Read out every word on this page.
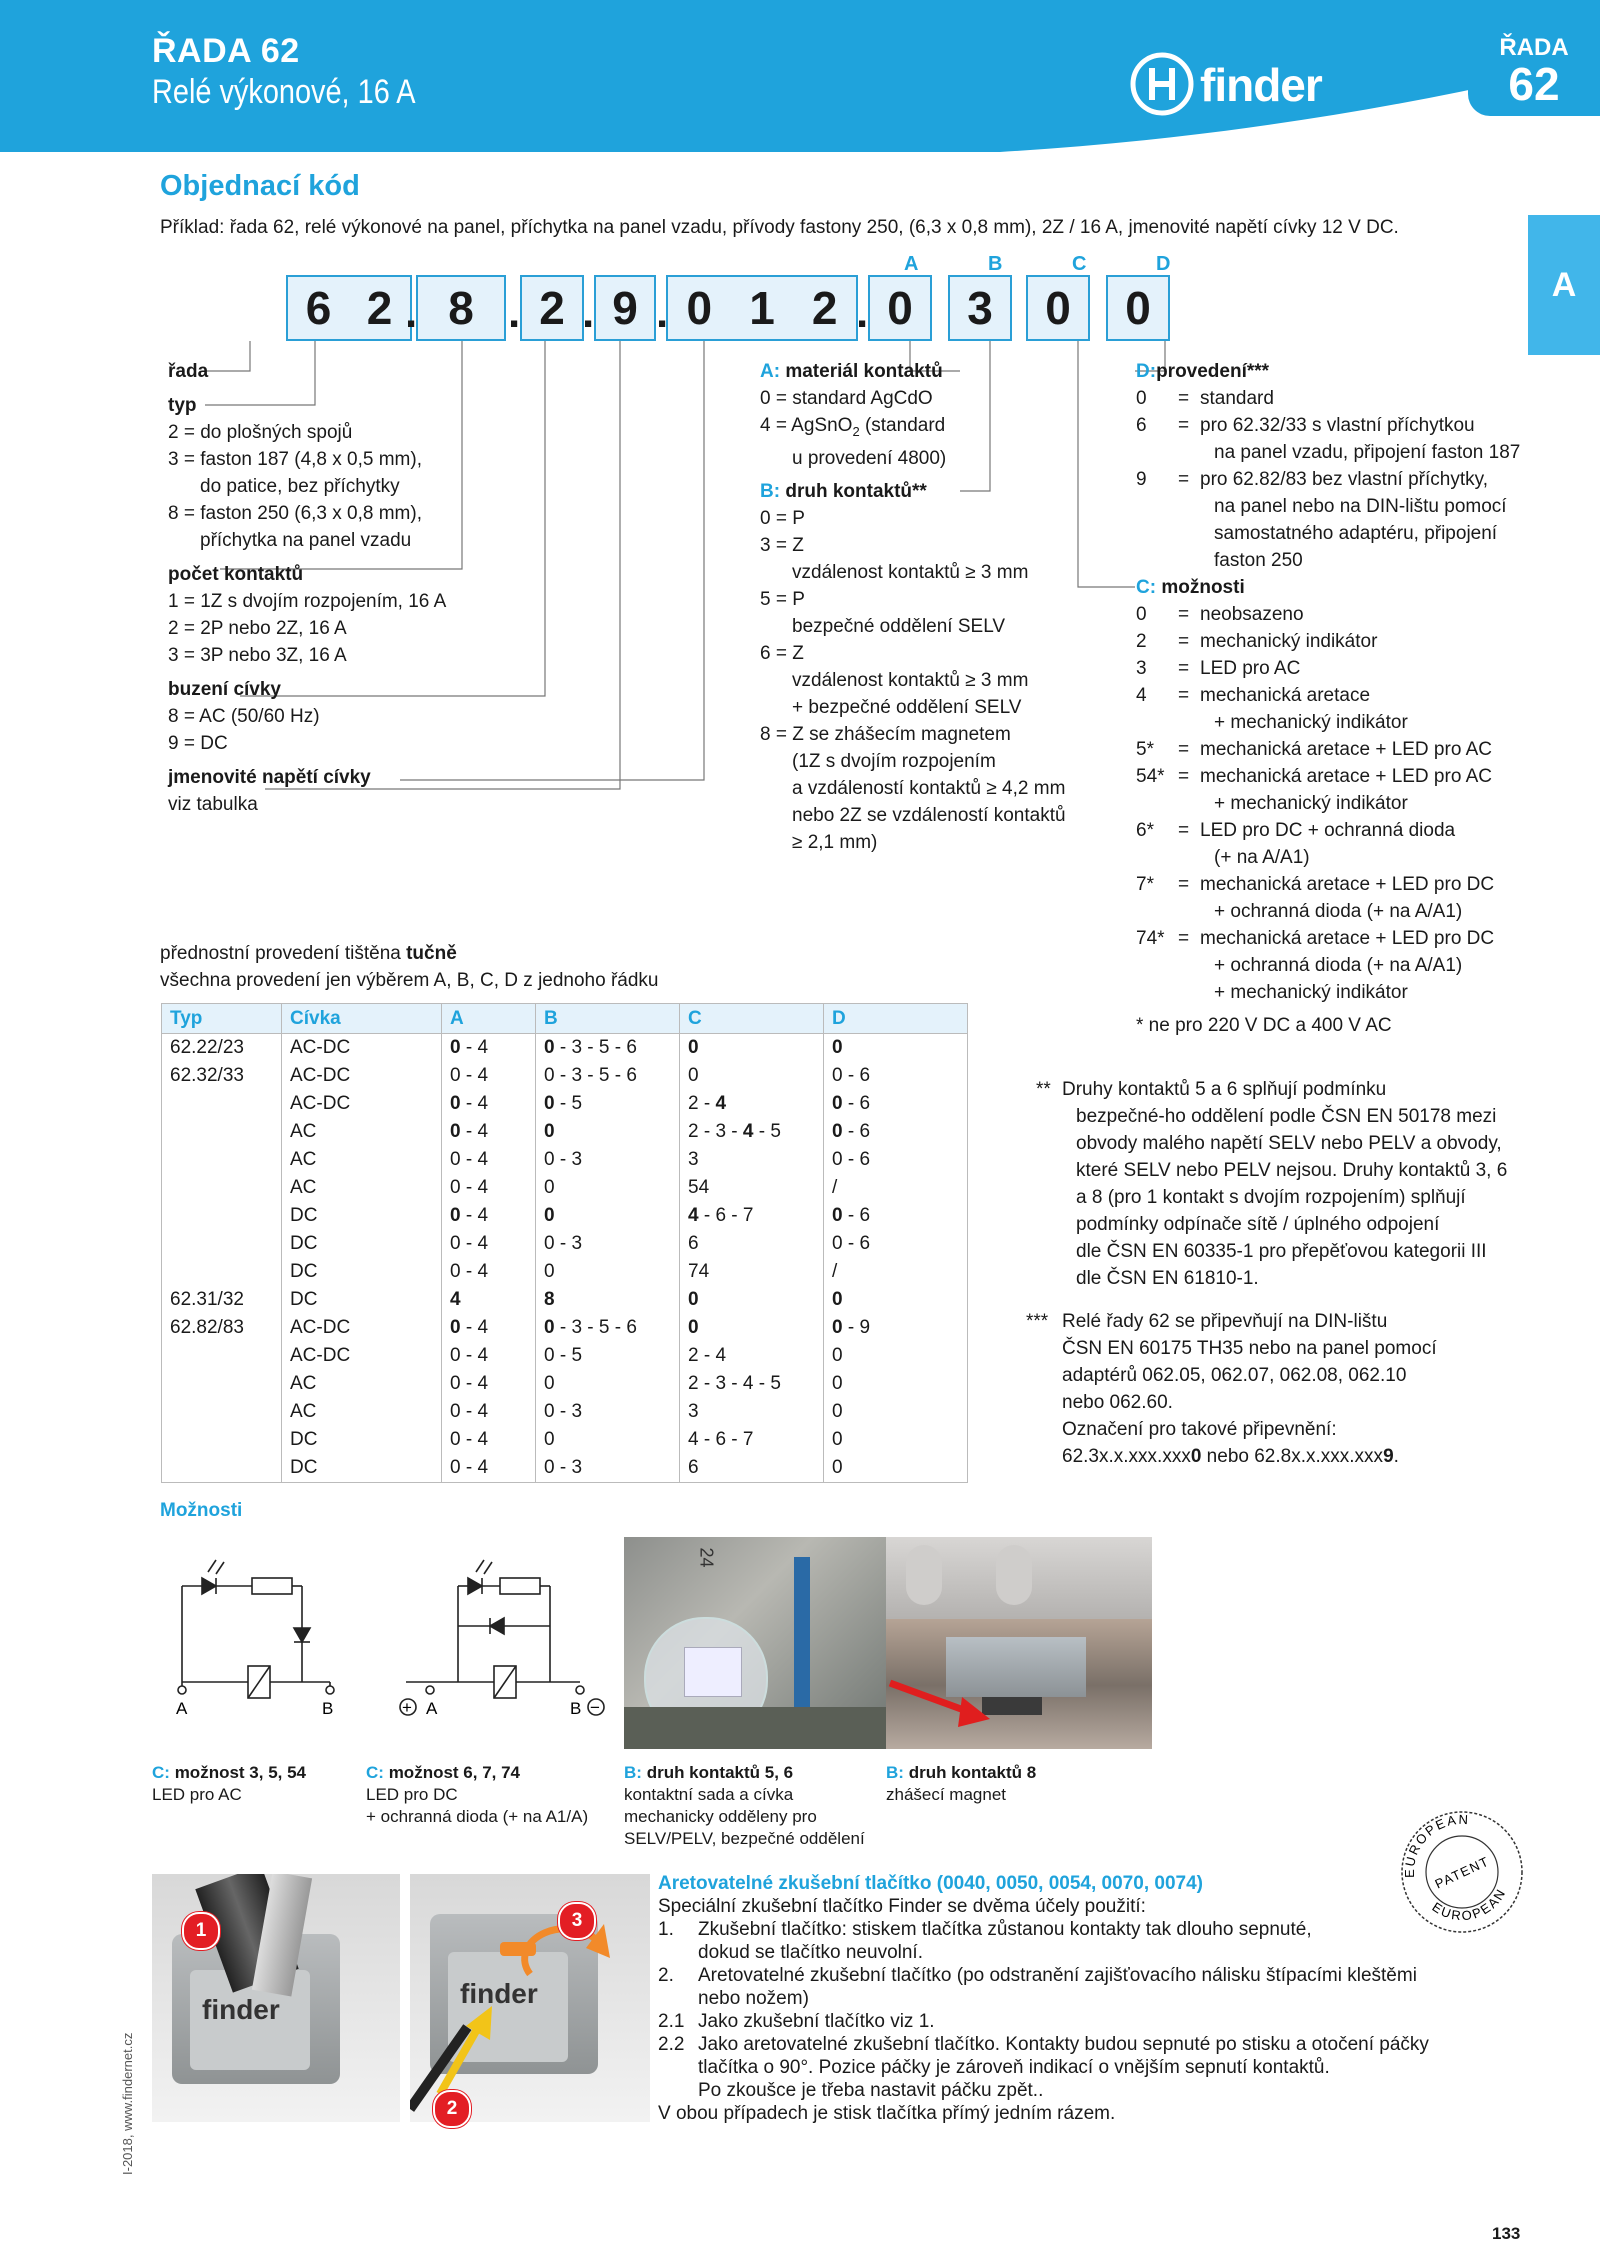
ŘADA 62
Relé výkonové, 16 A	finder
ŘADA
62
A
Objednací kód
Příklad: řada 62, relé výkonové na panel, příchytka na panel vzadu, přívody fastony 250, (6,3 x 0,8 mm), 2Z / 16 A, jmenovité napětí cívky 12 V DC.
6 2 8 2 9 0 1 2 0 3 0 0
. . . .	.
A	B	C	D
řada
typ
2 = do plošných spojů
3 = faston 187 (4,8 x 0,5 mm),
do patice, bez příchytky
8 = faston 250 (6,3 x 0,8 mm),
příchytka na panel vzadu
počet kontaktů
1 = 1Z s dvojím rozpojením, 16 A
2 = 2P nebo 2Z, 16 A
3 = 3P nebo 3Z, 16 A
buzení cívky
8 = AC (50/60 Hz)
9 = DC
jmenovité napětí cívky
viz tabulka
A: materiál kontaktů
0 = standard AgCdO
4 = AgSnO$_2$ (standard
u provedení 4800)
B: druh kontaktů**
0 = P
3 = Z
vzdálenost kontaktů ≥ 3 mm
5 = P
bezpečné oddělení SELV
6 = Z
vzdálenost kontaktů ≥ 3 mm
+ bezpečné oddělení SELV
8 = Z se zhášecím magnetem
(1Z s dvojím rozpojením
a vzdáleností kontaktů ≥ 4,2 mm
nebo 2Z se vzdáleností kontaktů
≥ 2,1 mm)
D:provedení***
0	= standard
6	= pro 62.32/33 s vlastní příchytkou
na panel vzadu, připojení faston 187
9	= pro 62.82/83 bez vlastní příchytky,
na panel nebo na DIN-lištu pomocí
samostatného adaptéru, připojení
faston 250
C: možnosti
0	= neobsazeno
2	= mechanický indikátor
3	= LED pro AC
4	= mechanická aretace
+ mechanický indikátor
5*	= mechanická aretace + LED pro AC
54* = mechanická aretace + LED pro AC
+ mechanický indikátor
6*	= LED pro DC + ochranná dioda
(+ na A/A1)
7*	= mechanická aretace + LED pro DC
+ ochranná dioda (+ na A/A1)
74* = mechanická aretace + LED pro DC
+ ochranná dioda (+ na A/A1)
+ mechanický indikátor
* ne pro 220 V DC a 400 V AC
přednostní provedení tištěna tučně
všechna provedení jen výběrem A, B, C, D z jednoho řádku
Typ	Cívka	A	B	C	D
62.22/23	AC-DC	0 - 4	0 - 3 - 5 - 6	0	0
62.32/33	AC-DC	0 - 4	0 - 3 - 5 - 6	0	0 - 6
	AC-DC	0 - 4	0 - 5	2 - 4	0 - 6
	AC	0 - 4	0	2 - 3 - 4 - 5	0 - 6
	AC	0 - 4	0 - 3	3	0 - 6
	AC	0 - 4	0	54	/
	DC	0 - 4	0	4 - 6 - 7	0 - 6
	DC	0 - 4	0 - 3	6	0 - 6
	DC	0 - 4	0	74	/
62.31/32	DC	4	8	0	0
62.82/83	AC-DC	0 - 4	0 - 3 - 5 - 6	0	0 - 9
	AC-DC	0 - 4	0 - 5	2 - 4	0
	AC	0 - 4	0	2 - 3 - 4 - 5	0
	AC	0 - 4	0 - 3	3	0
	DC	0 - 4	0	4 - 6 - 7	0
	DC	0 - 4	0 - 3	6	0
** Druhy kontaktů 5 a 6 splňují podmínku
bezpečné-ho oddělení podle ČSN EN 50178 mezi
obvody malého napětí SELV nebo PELV a obvody,
které SELV nebo PELV nejsou. Druhy kontaktů 3, 6
a 8 (pro 1 kontakt s dvojím rozpojením) splňují
podmínky odpínače sítě / úplného odpojení
dle ČSN EN 60335-1 pro přepěťovou kategorii III
dle ČSN EN 61810-1.
*** Relé řady 62 se připevňují na DIN-lištu
ČSN EN 60175 TH35 nebo na panel pomocí
adaptérů 062.05, 062.07, 062.08, 062.10
nebo 062.60.
Označení pro takové připevnění:
62.3x.x.xxx.xxx0 nebo 62.8x.x.xxx.xxx9.
Možnosti
A	B	+ A	B −
24
C: možnost 3, 5, 54
LED pro AC
C: možnost 6, 7, 74
LED pro DC
+ ochranná dioda (+ na A1/A)
B: druh kontaktů 5, 6
kontaktní sada a cívka
mechanicky odděleny pro
SELV/PELV, bezpečné oddělení
B: druh kontaktů 8
zhášecí magnet
EUROPEAN
EUROPEAN
PATENT
finder
finder
1
2
3
Aretovatelné zkušební tlačítko (0040, 0050, 0054, 0070, 0074)
Speciální zkušební tlačítko Finder se dvěma účely použití:
1.	Zkušební tlačítko: stiskem tlačítka zůstanou kontakty tak dlouho sepnuté,
dokud se tlačítko neuvolní.
2.	Aretovatelné zkušební tlačítko (po odstranění zajišťovacího nálisku štípacími kleštěmi
nebo nožem)
2.1 Jako zkušební tlačítko viz 1.
2.2 Jako aretovatelné zkušební tlačítko. Kontakty budou sepnuté po stisku a otočení páčky
tlačítka o 90°. Pozice páčky je zároveň indikací o vnějším sepnutí kontaktů.
Po zkoušce je třeba nastavit páčku zpět..
V obou případech je stisk tlačítka přímý jedním rázem.
I-2018, www.findernet.cz
133
